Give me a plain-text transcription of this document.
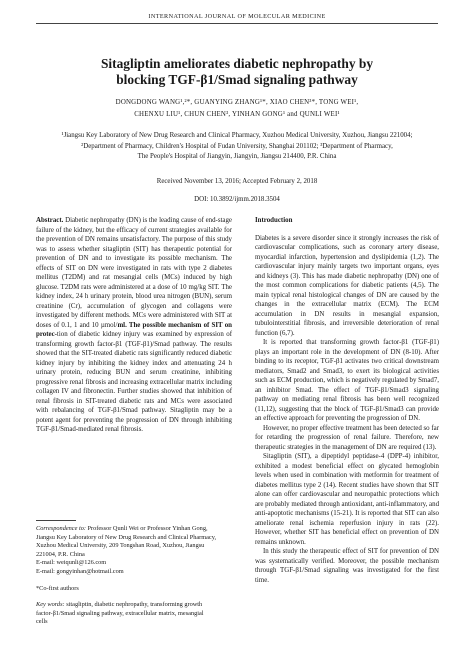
INTERNATIONAL JOURNAL OF MOLECULAR MEDICINE
Sitagliptin ameliorates diabetic nephropathy by
blocking TGF-β1/Smad signaling pathway
DONGDONG WANG¹,²*, GUANYING ZHANG¹*, XIAO CHEN³*, TONG WEI¹,
CHENXU LIU¹, CHUN CHEN³, YINHAN GONG¹ and QUNLI WEI¹
¹Jiangsu Key Laboratory of New Drug Research and Clinical Pharmacy, Xuzhou Medical University, Xuzhou, Jiangsu 221004;
²Department of Pharmacy, Children's Hospital of Fudan University, Shanghai 201102; ³Department of Pharmacy,
The People's Hospital of Jiangyin, Jiangyin, Jiangsu 214400, P.R. China
Received November 13, 2016; Accepted February 2, 2018
DOI: 10.3892/ijmm.2018.3504

Abstract. Diabetic nephropathy (DN) is the leading cause of end-stage failure of the kidney, but the efficacy of current strategies available for the prevention of DN remains unsatisfactory. The purpose of this study was to assess whether sitagliptin (SIT) has therapeutic potential for prevention of DN and to investigate its possible mechanism. The effects of SIT on DN were investigated in rats with type 2 diabetes mellitus (T2DM) and rat mesangial cells (MCs) induced by high glucose. T2DM rats were administered at a dose of 10 mg/kg SIT. The kidney index, 24 h urinary protein, blood urea nitrogen (BUN), serum creatinine (Cr), accumulation of glycogen and collagens were investigated by different methods. MCs were administered with SIT at doses of 0.1, 1 and 10 µmol/ml. The possible mechanism of SIT on protec-tion of diabetic kidney injury was examined by expression of transforming growth factor-β1 (TGF-β1)/Smad pathway. The results showed that the SIT-treated diabetic rats significantly reduced diabetic kidney injury by inhibiting the kidney index and attenuating 24 h urinary protein, reducing BUN and serum creatinine, inhibiting progressive renal fibrosis and increasing extracellular matrix including collagen IV and fibronectin. Further studies showed that inhibition of renal fibrosis in SIT-treated diabetic rats and MCs were associated with rebalancing of TGF-β1/Smad pathway. Sitagliptin may be a potent agent for preventing the progression of DN through inhibiting TGF-β1/Smad-mediated renal fibrosis.

Correspondence to: Professor Qunli Wei or Professor Yinhan Gong,
Jiangsu Key Laboratory of New Drug Research and Clinical Pharmacy,
Xuzhou Medical University, 209 Tongshan Road, Xuzhou, Jiangsu
221004, P.R. China
E-mail: weiqunli@126.com
E-mail: gongyinhan@hotmail.com

*Co-first authors

Key words: sitagliptin, diabetic nephropathy, transforming growth
factor-β1/Smad signaling pathway, extracellular matrix, mesangial
cells

Introduction

Diabetes is a severe disorder since it strongly increases the risk of cardiovascular complications, such as coronary artery disease, myocardial infarction, hypertension and dyslipidemia (1,2). The cardiovascular injury mainly targets two important organs, eyes and kidneys (3). This has made diabetic nephropathy (DN) one of the most common complications for diabetic patients (4,5). The main typical renal histological changes of DN are caused by the changes in the extracellular matrix (ECM). The ECM accumulation in DN results in mesangial expansion, tubulointerstitial fibrosis, and irreversible deterioration of renal function (6,7).

It is reported that transforming growth factor-β1 (TGF-β1) plays an important role in the development of DN (8-10). After binding to its receptor, TGF-β1 activates two critical downstream mediators, Smad2 and Smad3, to exert its biological activities such as ECM production, which is negatively regulated by Smad7, an inhibitor Smad. The effect of TGF-β1/Smad3 signaling pathway on mediating renal fibrosis has been well recognized (11,12), suggesting that the block of TGF-β1/Smad3 can provide an effective approach for preventing the progression of DN.

However, no proper effective treatment has been detected so far for retarding the progression of renal failure. Therefore, new therapeutic strategies in the management of DN are required (13).

Sitagliptin (SIT), a dipeptidyl peptidase-4 (DPP-4) inhibitor, exhibited a modest beneficial effect on glycated hemoglobin levels when used in combination with metformin for treatment of diabetes mellitus type 2 (14). Recent studies have shown that SIT alone can offer cardiovascular and neuropathic protections which are probably mediated through antioxidant, anti-inflammatory, and anti-apoptotic mechanisms (15-21). It is reported that SIT can also ameliorate renal ischemia reperfusion injury in rats (22). However, whether SIT has beneficial effect on prevention of DN remains unknown.

In this study the therapeutic effect of SIT for prevention of DN was systematically verified. Moreover, the possible mechanism through TGF-β1/Smad signaling was investigated for the first time.
